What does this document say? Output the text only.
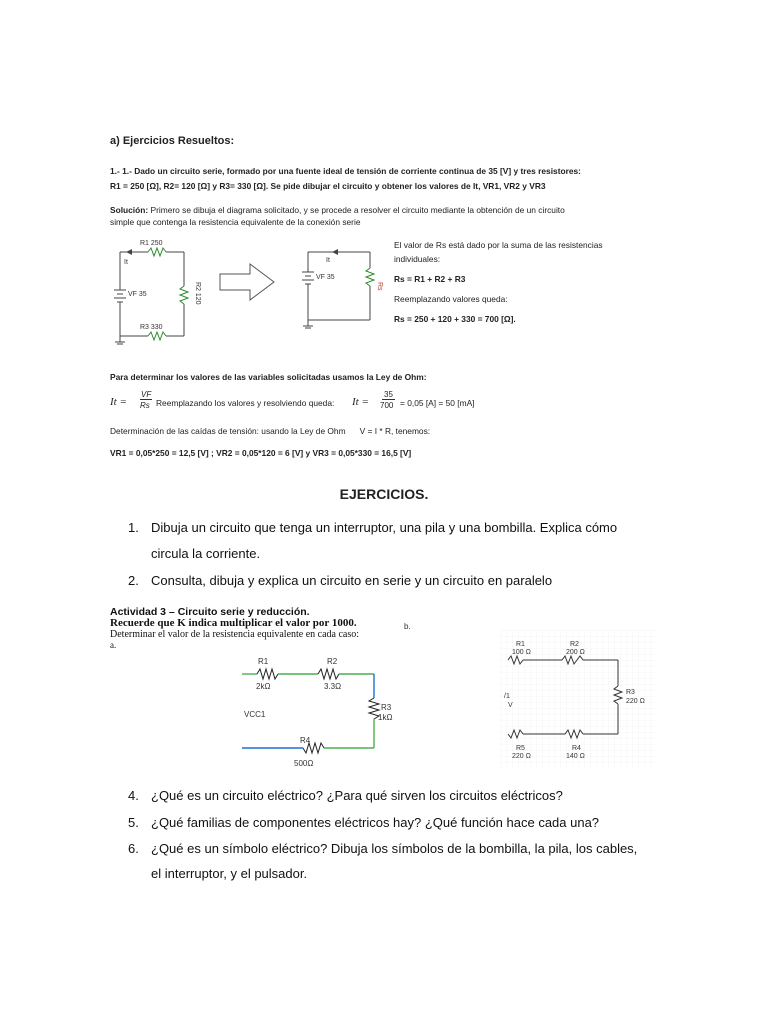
a) Ejercicios Resueltos:
1.- 1.- Dado un circuito serie, formado por una fuente ideal de tensión de corriente continua de 35 [V] y tres resistores:
R1 = 250 [Ω], R2= 120 [Ω] y R3= 330 [Ω]. Se pide dibujar el circuito y obtener los valores de It, VR1, VR2 y VR3
Solución: Primero se dibuja el diagrama solicitado, y se procede a resolver el circuito mediante la obtención de un circuito
simple que contenga la resistencia equivalente de la conexión serie
R1 250
It
VF 35	R2 120
R3 330
It
VF 35
Rs
El valor de Rs está dado por la suma de las resistencias individuales:
Rs = R1 + R2 + R3
Reemplazando valores queda:
Rs = 250 + 120 + 330 = 700 [Ω].
Para determinar los valores de las variables solicitadas usamos la Ley de Ohm:
It =
VF
Rs Reemplazando los valores y resolviendo queda: It =
35
700 = 0,05 [A] = 50 [mA]
Determinación de las caídas de tensión: usando la Ley de Ohm V = I * R, tenemos:
VR1 = 0,05*250 = 12,5 [V] ; VR2 = 0,05*120 = 6 [V] y VR3 = 0,05*330 = 16,5 [V]
EJERCICIOS.
1. Dibuja un circuito que tenga un interruptor, una pila y una bombilla. Explica cómo
circula la corriente.
2. Consulta, dibuja y explica un circuito en serie y un circuito en paralelo
Actividad 3 – Circuito serie y reducción.
Recuerde que K indica multiplicar el valor por 1000.
Determinar el valor de la resistencia equivalente en cada caso:
a.
b.
R1
2kΩ
R2
3.3Ω
R3
1kΩ
VCC1
R4
500Ω
R1
100 Ω
R2
200 Ω
R3
220 Ω
/1
V
R5
220 Ω
R4
140 Ω
4. ¿Qué es un circuito eléctrico? ¿Para qué sirven los circuitos eléctricos?
5. ¿Qué familias de componentes eléctricos hay? ¿Qué función hace cada una?
6. ¿Qué es un símbolo eléctrico? Dibuja los símbolos de la bombilla, la pila, los cables,
el interruptor, y el pulsador.
